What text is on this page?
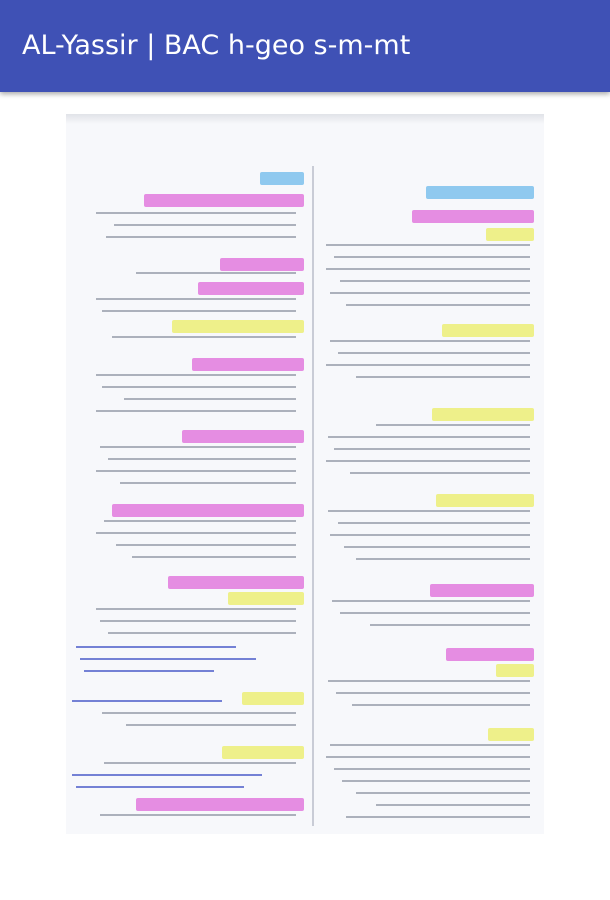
AL-Yassir | BAC h-geo s-m-mt
